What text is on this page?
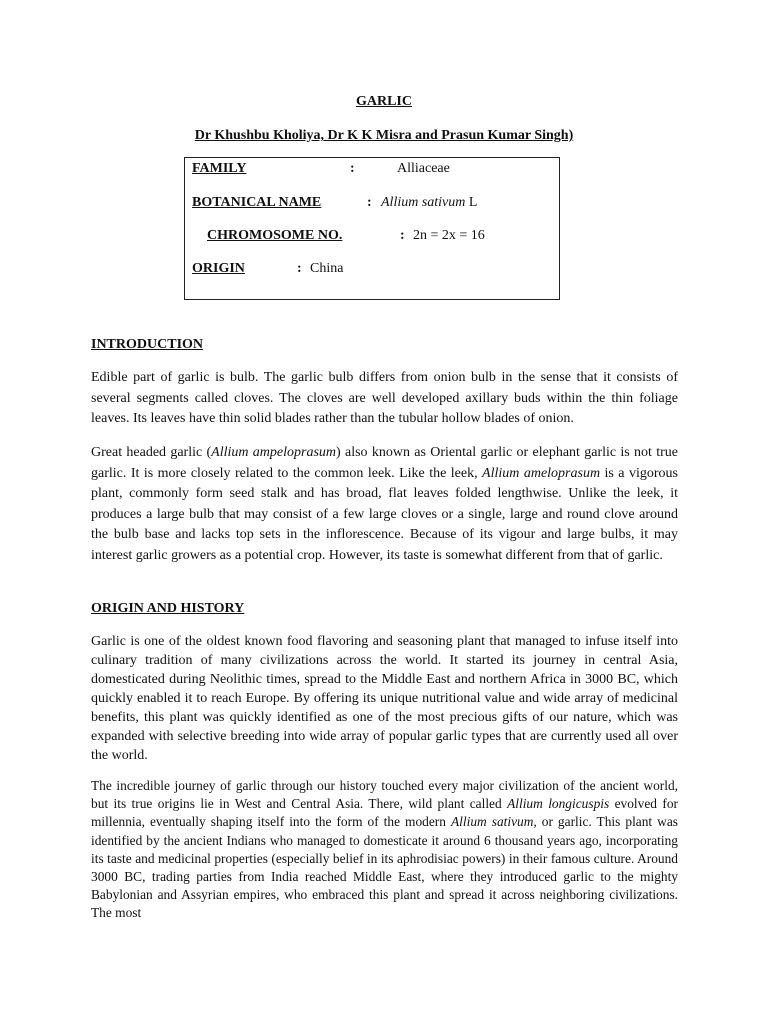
GARLIC
Dr Khushbu Kholiya, Dr K K Misra and Prasun Kumar Singh)
FAMILY	:	Alliaceae
BOTANICAL NAME	: Allium sativum L
CHROMOSOME NO.	: 2n = 2x = 16
ORIGIN	: China
INTRODUCTION

Edible part of garlic is bulb. The garlic bulb differs from onion bulb in the sense that it consists of several segments called cloves. The cloves are well developed axillary buds within the thin foliage leaves. Its leaves have thin solid blades rather than the tubular hollow blades of onion.

Great headed garlic (Allium ampeloprasum) also known as Oriental garlic or elephant garlic is not true garlic. It is more closely related to the common leek. Like the leek, Allium ameloprasum is a vigorous plant, commonly form seed stalk and has broad, flat leaves folded lengthwise. Unlike the leek, it produces a large bulb that may consist of a few large cloves or a single, large and round clove around the bulb base and lacks top sets in the inflorescence. Because of its vigour and large bulbs, it may interest garlic growers as a potential crop. However, its taste is somewhat different from that of garlic.

ORIGIN AND HISTORY

Garlic is one of the oldest known food flavoring and seasoning plant that managed to infuse itself into culinary tradition of many civilizations across the world. It started its journey in central Asia, domesticated during Neolithic times, spread to the Middle East and northern Africa in 3000 BC, which quickly enabled it to reach Europe. By offering its unique nutritional value and wide array of medicinal benefits, this plant was quickly identified as one of the most precious gifts of our nature, which was expanded with selective breeding into wide array of popular garlic types that are currently used all over the world.

The incredible journey of garlic through our history touched every major civilization of the ancient world, but its true origins lie in West and Central Asia. There, wild plant called Allium longicuspis evolved for millennia, eventually shaping itself into the form of the modern Allium sativum, or garlic. This plant was identified by the ancient Indians who managed to domesticate it around 6 thousand years ago, incorporating its taste and medicinal properties (especially belief in its aphrodisiac powers) in their famous culture. Around 3000 BC, trading parties from India reached Middle East, where they introduced garlic to the mighty Babylonian and Assyrian empires, who embraced this plant and spread it across neighboring civilizations. The most
